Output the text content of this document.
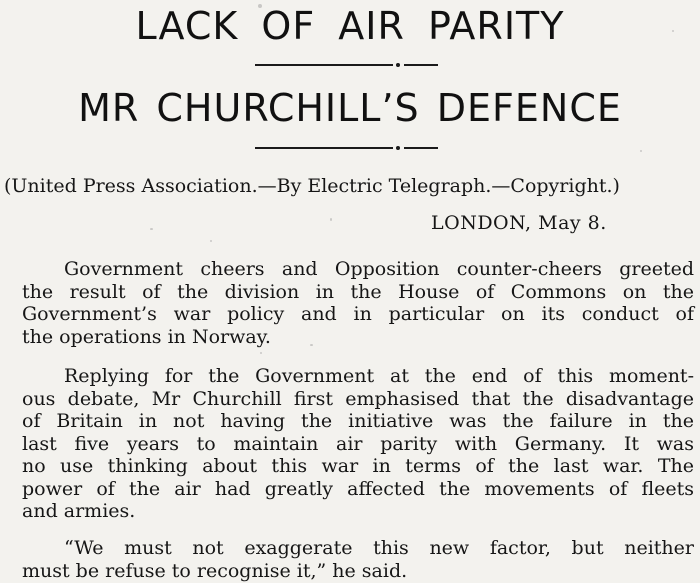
LACK OF AIR PARITY
MR CHURCHILL’S DEFENCE
(United Press Association.—By Electric Telegraph.—Copyright.)
LONDON, May 8.

Government cheers and Opposition counter-cheers greeted
the result of the division in the House of Commons on the
Government’s war policy and in particular on its conduct of
the operations in Norway.

Replying for the Government at the end of this moment-
ous debate, Mr Churchill first emphasised that the disadvantage
of Britain in not having the initiative was the failure in the
last five years to maintain air parity with Germany. It was
no use thinking about this war in terms of the last war. The
power of the air had greatly affected the movements of fleets
and armies.

“We must not exaggerate this new factor, but neither
must be refuse to recognise it,” he said.
